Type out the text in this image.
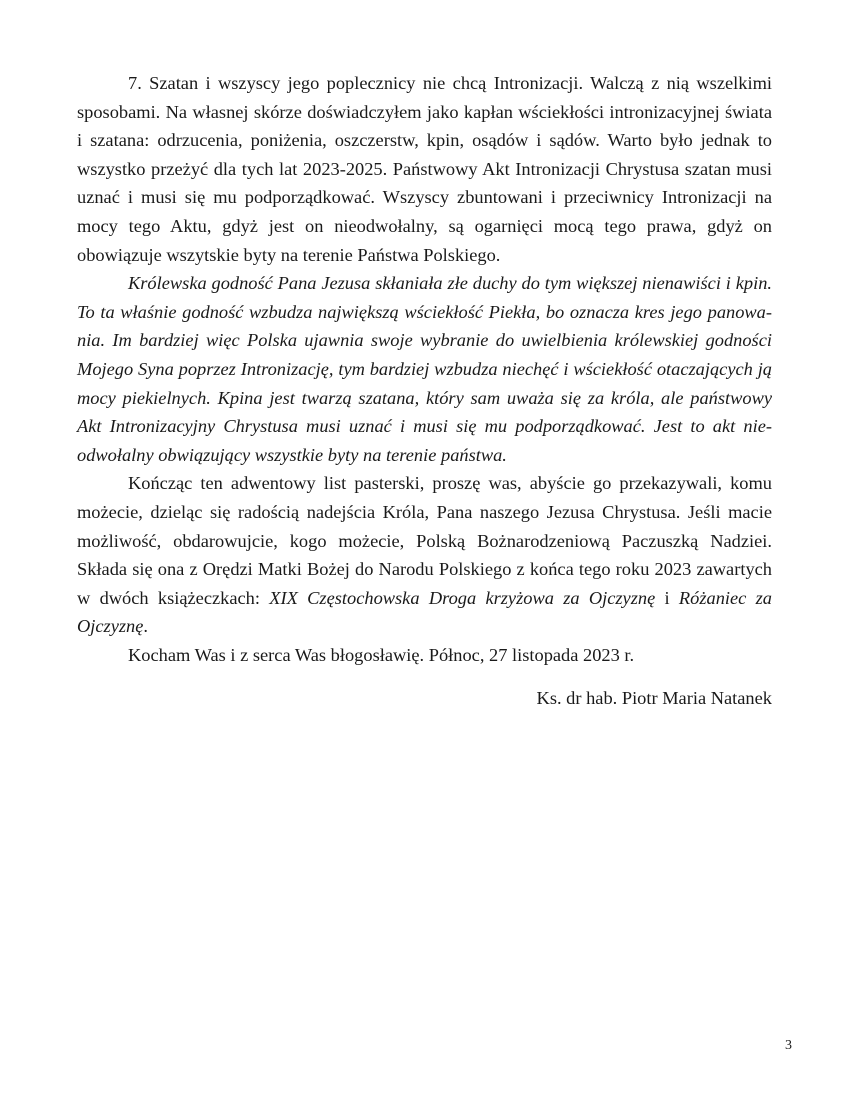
7. Szatan i wszyscy jego poplecznicy nie chcą Intronizacji. Walczą z nią wszelkimi sposobami. Na własnej skórze doświadczyłem jako kapłan wściekłości intronizacyjnej świata i szatana: odrzucenia, poniżenia, oszczerstw, kpin, osądów i sądów. Warto było jednak to wszystko przeżyć dla tych lat 2023-2025. Państwowy Akt Intronizacji Chrystusa szatan musi uznać i musi się mu podporządkować. Wszyscy zbuntowani i przeciwnicy Intronizacji na mocy tego Aktu, gdyż jest on nieodwołalny, są ogarnięci mocą tego prawa, gdyż on obowiązuje wszytskie byty na terenie Państwa Polskiego.

Królewska godność Pana Jezusa skłaniała złe duchy do tym większej nienawiści i kpin. To ta właśnie godność wzbudza największą wściekłość Piekła, bo oznacza kres jego panowania. Im bardziej więc Polska ujawnia swoje wybranie do uwielbienia królewskiej godności Mojego Syna poprzez Intronizację, tym bardziej wzbudza niechęć i wściekłość otaczających ją mocy piekielnych. Kpina jest twarzą szatana, który sam uważa się za króla, ale państwowy Akt Intronizacyjny Chrystusa musi uznać i musi się mu podporządkować. Jest to akt nieodwołalny obwiązujący wszystkie byty na terenie państwa.

Kończąc ten adwentowy list pasterski, proszę was, abyście go przekazywali, komu możecie, dzieląc się radością nadejścia Króla, Pana naszego Jezusa Chrystusa. Jeśli macie możliwość, obdarowujcie, kogo możecie, Polską Bożnarodzeniową Paczuszką Nadziei. Składa się ona z Orędzi Matki Bożej do Narodu Polskiego z końca tego roku 2023 zawartych w dwóch książeczkach: XIX Częstochowska Droga krzyżowa za Ojczyznę i Różaniec za Ojczyznę.

Kocham Was i z serca Was błogosławię. Północ, 27 listopada 2023 r.

Ks. dr hab. Piotr Maria Natanek
3
